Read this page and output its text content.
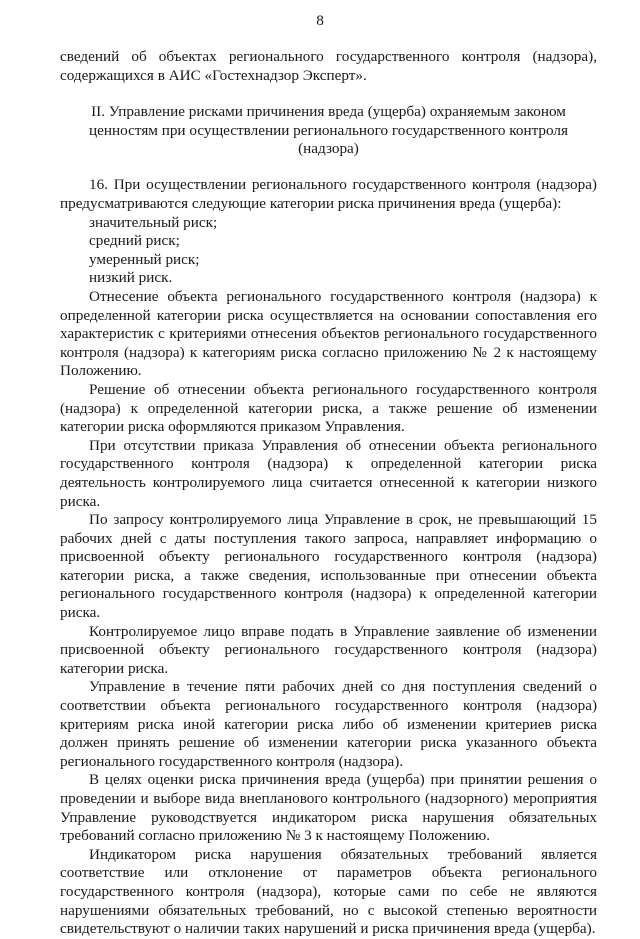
8

сведений об объектах регионального государственного контроля (надзора), содержащихся в АИС «Гостехнадзор Эксперт».

II. Управление рисками причинения вреда (ущерба) охраняемым законом ценностям при осуществлении регионального государственного контроля (надзора)

16. При осуществлении регионального государственного контроля (надзора) предусматриваются следующие категории риска причинения вреда (ущерба):

значительный риск;

средний риск;

умеренный риск;

низкий риск.

Отнесение объекта регионального государственного контроля (надзора) к определенной категории риска осуществляется на основании сопоставления его характеристик с критериями отнесения объектов регионального государственного контроля (надзора) к категориям риска согласно приложению № 2 к настоящему Положению.

Решение об отнесении объекта регионального государственного контроля (надзора) к определенной категории риска, а также решение об изменении категории риска оформляются приказом Управления.

При отсутствии приказа Управления об отнесении объекта регионального государственного контроля (надзора) к определенной категории риска деятельность контролируемого лица считается отнесенной к категории низкого риска.

По запросу контролируемого лица Управление в срок, не превышающий 15 рабочих дней с даты поступления такого запроса, направляет информацию о присвоенной объекту регионального государственного контроля (надзора) категории риска, а также сведения, использованные при отнесении объекта регионального государственного контроля (надзора) к определенной категории риска.

Контролируемое лицо вправе подать в Управление заявление об изменении присвоенной объекту регионального государственного контроля (надзора) категории риска.

Управление в течение пяти рабочих дней со дня поступления сведений о соответствии объекта регионального государственного контроля (надзора) критериям риска иной категории риска либо об изменении критериев риска должен принять решение об изменении категории риска указанного объекта регионального государственного контроля (надзора).

В целях оценки риска причинения вреда (ущерба) при принятии решения о проведении и выборе вида внепланового контрольного (надзорного) мероприятия Управление руководствуется индикатором риска нарушения обязательных требований согласно приложению № 3 к настоящему Положению.

Индикатором риска нарушения обязательных требований является соответствие или отклонение от параметров объекта регионального государственного контроля (надзора), которые сами по себе не являются нарушениями обязательных требований, но с высокой степенью вероятности свидетельствуют о наличии таких нарушений и риска причинения вреда (ущерба).
